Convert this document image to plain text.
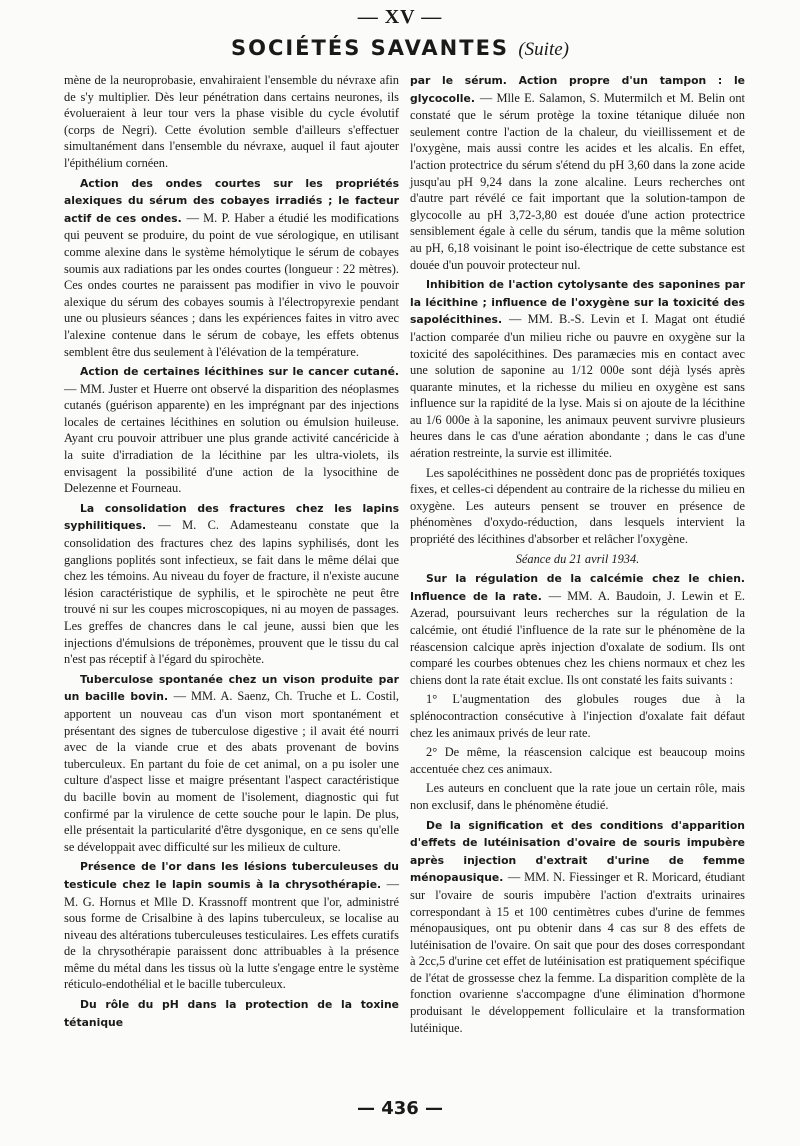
— XV —
SOCIÉTÉS SAVANTES (Suite)

mène de la neuroprobasie, envahiraient l'ensemble du névraxe afin de s'y multiplier. Dès leur pénétration dans certains neurones, ils évolueraient à leur tour vers la phase visible du cycle évolutif (corps de Negri). Cette évolution semble d'ailleurs s'effectuer simultanément dans l'ensemble du névraxe, auquel il faut ajouter l'épithélium cornéen.

Action des ondes courtes sur les propriétés alexiques du sérum des cobayes irradiés ; le facteur actif de ces ondes. — M. P. Haber a étudié les modifications qui peuvent se produire, du point de vue sérologique, en utilisant comme alexine dans le système hémolytique le sérum de cobayes soumis aux radiations par les ondes courtes (longueur : 22 mètres). Ces ondes courtes ne paraissent pas modifier in vivo le pouvoir alexique du sérum des cobayes soumis à l'électropyrexie pendant une ou plusieurs séances ; dans les expériences faites in vitro avec l'alexine contenue dans le sérum de cobaye, les effets obtenus semblent être dus seulement à l'élévation de la température.

Action de certaines lécithines sur le cancer cutané. — MM. Juster et Huerre ont observé la disparition des néoplasmes cutanés (guérison apparente) en les imprégnant par des injections locales de certaines lécithines en solution ou émulsion huileuse. Ayant cru pouvoir attribuer une plus grande activité cancéricide à la suite d'irradiation de la lécithine par les ultra-violets, ils envisagent la possibilité d'une action de la lysocithine de Delezenne et Fourneau.

La consolidation des fractures chez les lapins syphilitiques. — M. C. Adamesteanu constate que la consolidation des fractures chez des lapins syphilisés, dont les ganglions poplités sont infectieux, se fait dans le même délai que chez les témoins. Au niveau du foyer de fracture, il n'existe aucune lésion caractéristique de syphilis, et le spirochète ne peut être trouvé ni sur les coupes microscopiques, ni au moyen de passages. Les greffes de chancres dans le cal jeune, aussi bien que les injections d'émulsions de tréponèmes, prouvent que le tissu du cal n'est pas réceptif à l'égard du spirochète.

Tuberculose spontanée chez un vison produite par un bacille bovin. — MM. A. Saenz, Ch. Truche et L. Costil, apportent un nouveau cas d'un vison mort spontanément et présentant des signes de tuberculose digestive ; il avait été nourri avec de la viande crue et des abats provenant de bovins tuberculeux. En partant du foie de cet animal, on a pu isoler une culture d'aspect lisse et maigre présentant l'aspect caractéristique du bacille bovin au moment de l'isolement, diagnostic qui fut confirmé par la virulence de cette souche pour le lapin. De plus, elle présentait la particularité d'être dysgonique, en ce sens qu'elle se développait avec difficulté sur les milieux de culture.

Présence de l'or dans les lésions tuberculeuses du testicule chez le lapin soumis à la chrysothérapie. — M. G. Hornus et Mlle D. Krassnoff montrent que l'or, administré sous forme de Crisalbine à des lapins tuberculeux, se localise au niveau des altérations tuberculeuses testiculaires. Les effets curatifs de la chrysothérapie paraissent donc attribuables à la présence même du métal dans les tissus où la lutte s'engage entre le système réticulo-endothélial et le bacille tuberculeux.

Du rôle du pH dans la protection de la toxine tétanique

par le sérum. Action propre d'un tampon : le glycocolle. — Mlle E. Salamon, S. Mutermilch et M. Belin ont constaté que le sérum protège la toxine tétanique diluée non seulement contre l'action de la chaleur, du vieillissement et de l'oxygène, mais aussi contre les acides et les alcalis. En effet, l'action protectrice du sérum s'étend du pH 3,60 dans la zone acide jusqu'au pH 9,24 dans la zone alcaline. Leurs recherches ont d'autre part révélé ce fait important que la solution-tampon de glycocolle au pH 3,72-3,80 est douée d'une action protectrice sensiblement égale à celle du sérum, tandis que la même solution au pH, 6,18 voisinant le point iso-électrique de cette substance est douée d'un pouvoir protecteur nul.

Inhibition de l'action cytolysante des saponines par la lécithine ; influence de l'oxygène sur la toxicité des sapolécithines. — MM. B.-S. Levin et I. Magat ont étudié l'action comparée d'un milieu riche ou pauvre en oxygène sur la toxicité des sapolécithines. Des paramæcies mis en contact avec une solution de saponine au 1/12 000e sont déjà lysés après quarante minutes, et la richesse du milieu en oxygène est sans influence sur la rapidité de la lyse. Mais si on ajoute de la lécithine au 1/6 000e à la saponine, les animaux peuvent survivre plusieurs heures dans le cas d'une aération abondante ; dans le cas d'une aération restreinte, la survie est illimitée.

Les sapolécithines ne possèdent donc pas de propriétés toxiques fixes, et celles-ci dépendent au contraire de la richesse du milieu en oxygène. Les auteurs pensent se trouver en présence de phénomènes d'oxydo-réduction, dans lesquels intervient la propriété des lécithines d'absorber et relâcher l'oxygène.

Séance du 21 avril 1934.

Sur la régulation de la calcémie chez le chien. Influence de la rate. — MM. A. Baudoin, J. Lewin et E. Azerad, poursuivant leurs recherches sur la régulation de la calcémie, ont étudié l'influence de la rate sur le phénomène de la réascension calcique après injection d'oxalate de sodium. Ils ont comparé les courbes obtenues chez les chiens normaux et chez les chiens dont la rate était exclue. Ils ont constaté les faits suivants :

1° L'augmentation des globules rouges due à la splénocontraction consécutive à l'injection d'oxalate fait défaut chez les animaux privés de leur rate.

2° De même, la réascension calcique est beaucoup moins accentuée chez ces animaux.

Les auteurs en concluent que la rate joue un certain rôle, mais non exclusif, dans le phénomène étudié.

De la signification et des conditions d'apparition d'effets de lutéinisation d'ovaire de souris impubère après injection d'extrait d'urine de femme ménopausique. — MM. N. Fiessinger et R. Moricard, étudiant sur l'ovaire de souris impubère l'action d'extraits urinaires correspondant à 15 et 100 centimètres cubes d'urine de femmes ménopausiques, ont pu obtenir dans 4 cas sur 8 des effets de lutéinisation de l'ovaire. On sait que pour des doses correspondant à 2cc,5 d'urine cet effet de lutéinisation est pratiquement spécifique de l'état de grossesse chez la femme. La disparition complète de la fonction ovarienne s'accompagne d'une élimination d'hormone produisant le développement folliculaire et la transformation lutéinique.

— 436 —
